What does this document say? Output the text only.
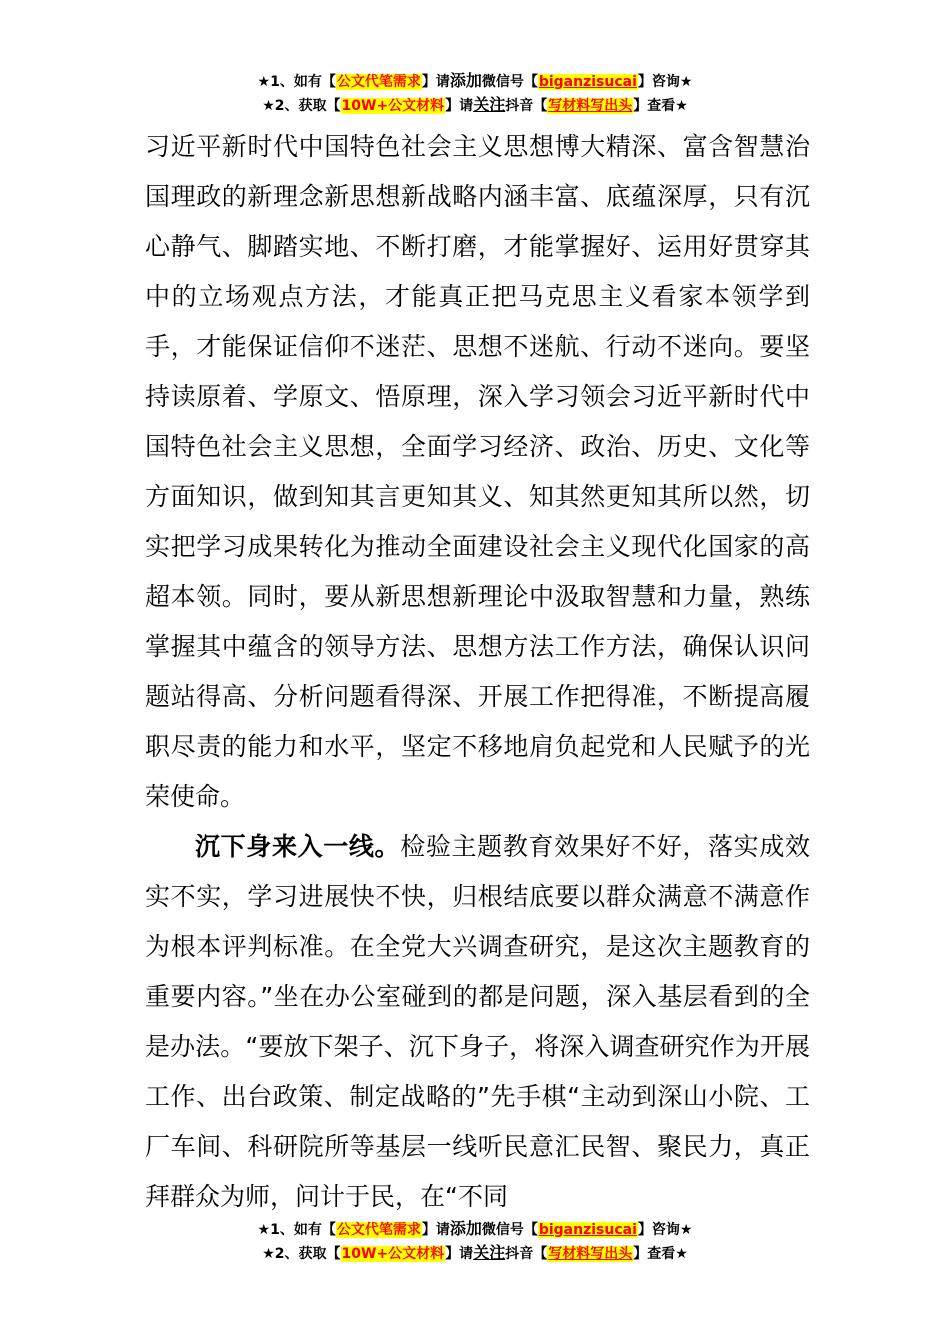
★1、如有【公文代笔需求】请添加微信号【biganzisucai】咨询★
★2、获取【10W+公文材料】请关注抖音【写材料写出头】查看★

习近平新时代中国特色社会主义思想博大精深、富含智慧治国理政的新理念新思想新战略内涵丰富、底蕴深厚，只有沉心静气、脚踏实地、不断打磨，才能掌握好、运用好贯穿其中的立场观点方法，才能真正把马克思主义看家本领学到手，才能保证信仰不迷茫、思想不迷航、行动不迷向。要坚持读原着、学原文、悟原理，深入学习领会习近平新时代中国特色社会主义思想，全面学习经济、政治、历史、文化等方面知识，做到知其言更知其义、知其然更知其所以然，切实把学习成果转化为推动全面建设社会主义现代化国家的高超本领。同时，要从新思想新理论中汲取智慧和力量，熟练掌握其中蕴含的领导方法、思想方法工作方法，确保认识问题站得高、分析问题看得深、开展工作把得准，不断提高履职尽责的能力和水平，坚定不移地肩负起党和人民赋予的光荣使命。

沉下身来入一线。检验主题教育效果好不好，落实成效实不实，学习进展快不快，归根结底要以群众满意不满意作为根本评判标准。在全党大兴调查研究，是这次主题教育的重要内容。”坐在办公室碰到的都是问题，深入基层看到的全是办法。“要放下架子、沉下身子，将深入调查研究作为开展工作、出台政策、制定战略的”先手棋“主动到深山小院、工厂车间、科研院所等基层一线听民意汇民智、聚民力，真正拜群众为师，问计于民，在“不同

★1、如有【公文代笔需求】请添加微信号【biganzisucai】咨询★
★2、获取【10W+公文材料】请关注抖音【写材料写出头】查看★
